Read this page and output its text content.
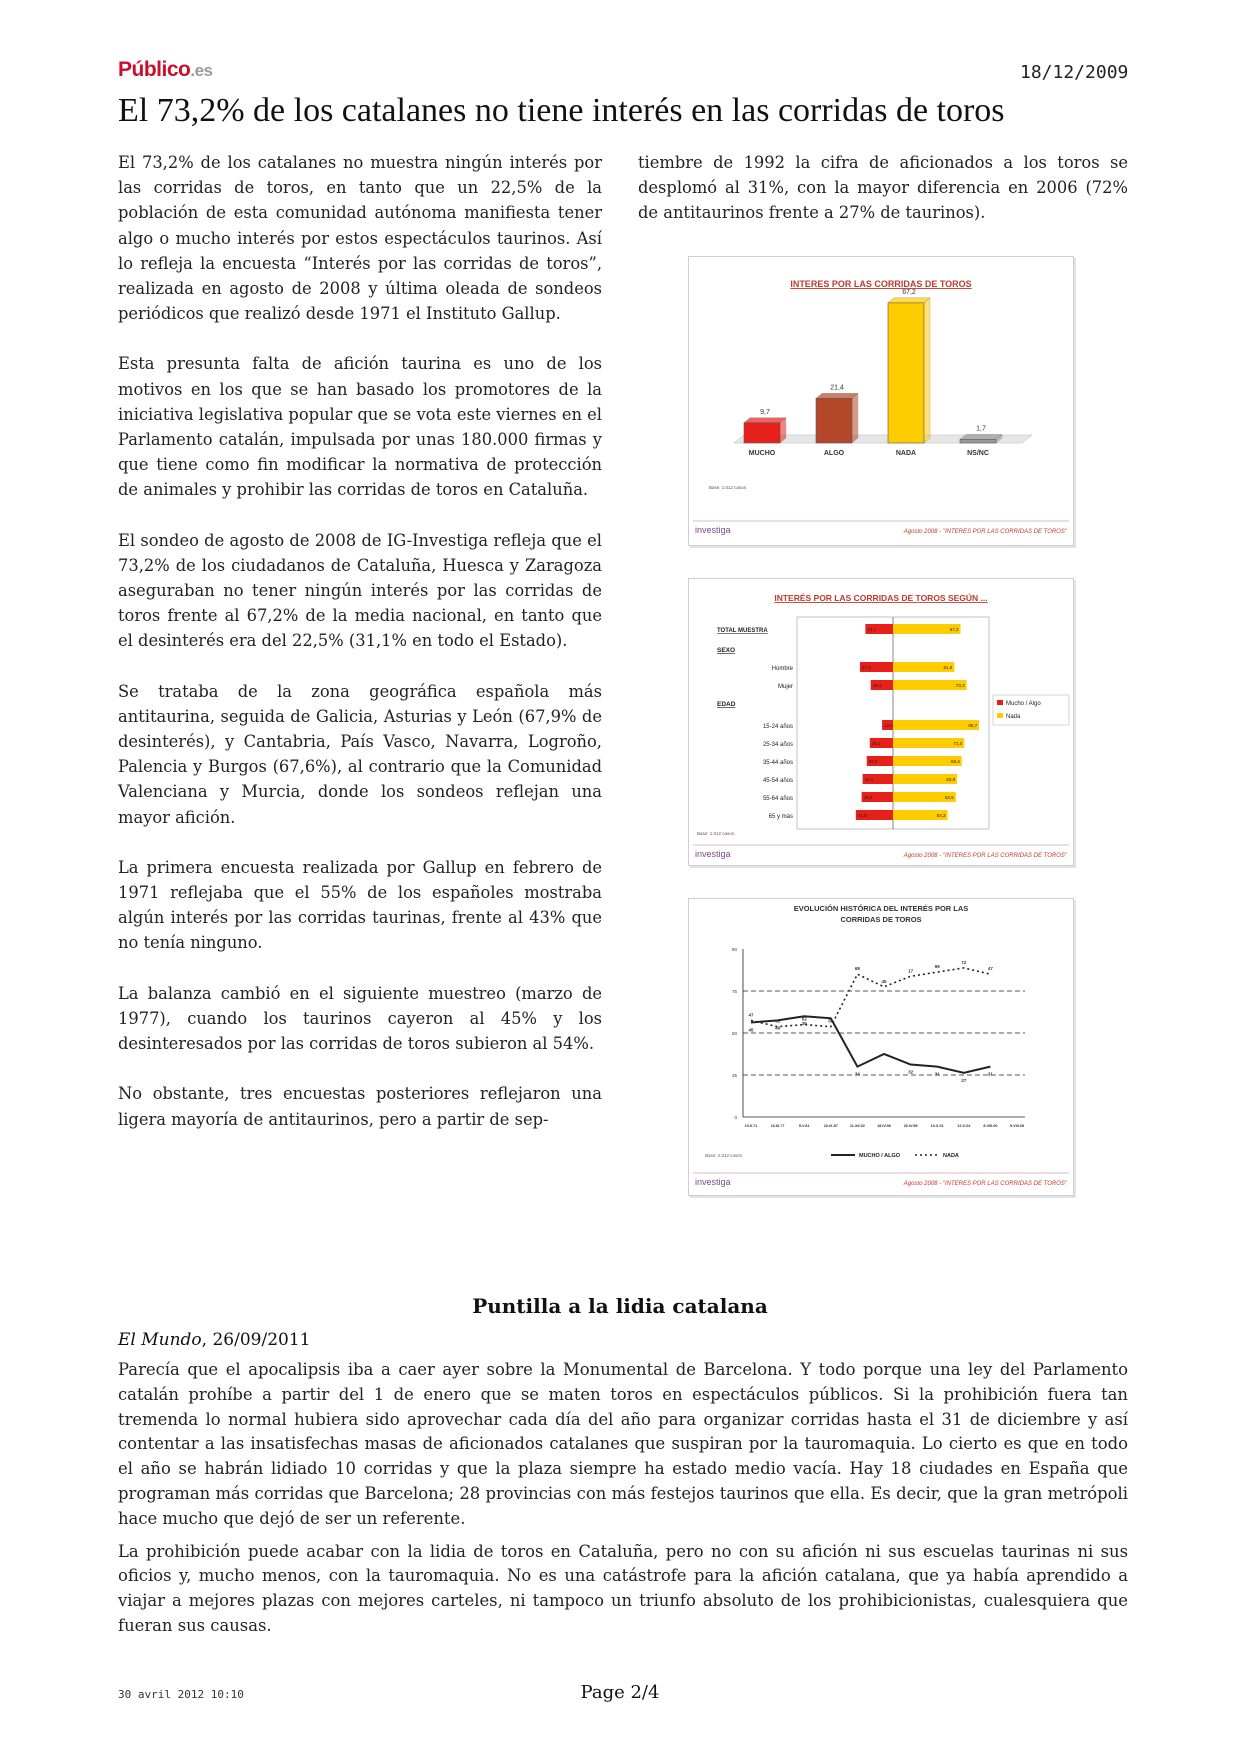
Público.es	18/12/2009
El 73,2% de los catalanes no tiene interés en las corridas de toros

El 73,2% de los catalanes no muestra ningún interés por las corridas de toros, en tanto que un 22,5% de la población de esta comunidad autónoma manifiesta tener algo o mucho interés por estos espectáculos taurinos. Así lo refleja la encuesta “Interés por las corridas de toros”, realizada en agosto de 2008 y última oleada de sondeos periódicos que realizó desde 1971 el Instituto Gallup.

Esta presunta falta de afición taurina es uno de los motivos en los que se han basado los promotores de la iniciativa legislativa popular que se vota este viernes en el Parlamento catalán, impulsada por unas 180.000 firmas y que tiene como fin modificar la normativa de protección de animales y prohibir las corridas de toros en Cataluña.

El sondeo de agosto de 2008 de IG-Investiga refleja que el 73,2% de los ciudadanos de Cataluña, Huesca y Zaragoza aseguraban no tener ningún interés por las corridas de toros frente al 67,2% de la media nacional, en tanto que el desinterés era del 22,5% (31,1% en todo el Estado).

Se trataba de la zona geográfica española más antitaurina, seguida de Galicia, Asturias y León (67,9% de desinterés), y Cantabria, País Vasco, Navarra, Logroño, Palencia y Burgos (67,6%), al contrario que la Comunidad Valenciana y Murcia, donde los sondeos reflejan una mayor afición.

La primera encuesta realizada por Gallup en febrero de 1971 reflejaba que el 55% de los españoles mostraba algún interés por las corridas taurinas, frente al 43% que no tenía ninguno.

La balanza cambió en el siguiente muestreo (marzo de 1977), cuando los taurinos cayeron al 45% y los desinteresados por las corridas de toros subieron al 54%.

No obstante, tres encuestas posteriores reflejaron una ligera mayoría de antitaurinos, pero a partir de sep-

tiembre de 1992 la cifra de aficionados a los toros se desplomó al 31%, con la mayor diferencia en 2006 (72% de antitaurinos frente a 27% de taurinos).

INTERES POR LAS CORRIDAS DE TOROS
9,7
MUCHO
21,4
ALGO
67,2
NADA
1,7
NS/NC
Base: 1.012 casos
investiga	Agosto 2008 - "INTERES POR LAS CORRIDAS DE TOROS"
INTERÉS POR LAS CORRIDAS DE TOROS SEGÚN ...
TOTAL MUESTRA	31,1	67,2
SEXO
Hombre	37,2	61,0
Mujer	25,1	73,3
EDAD
15-24 años	12,3	85,7
25-34 años	26,1	71,0
35-44 años	29,5	68,4
45-54 años	34,2	63,8
55-64 años	35,3	62,5
65 y más	41,8	54,3
Mucho / Algo
Nada
Base: 1.012 casos
investiga	Agosto 2008 - "INTERES POR LAS CORRIDAS DE TOROS"
EVOLUCIÓN HISTÓRICA DEL INTERÉS POR LAS
CORRIDAS DE TOROS
0
25
50
75
80
19.II.71	16.III.77	5.V.81	20.IX.87	11.XII.92	18.IV.96	20.IV.98	10.X.01	12.X.04	8.VIII.06	5.VIII.08
47
53	52	56
68
45
17
69
72
47
45	46
39
34	32	31
27
31
MUCHO / ALGO	NADA
Base: 2.012 casos
investiga	Agosto 2008 - "INTERES POR LAS CORRIDAS DE TOROS"
Puntilla a la lidia catalana
El Mundo, 26/09/2011

Parecía que el apocalipsis iba a caer ayer sobre la Monumental de Barcelona. Y todo porque una ley del Parlamento catalán prohíbe a partir del 1 de enero que se maten toros en espectáculos públicos. Si la prohibición fuera tan tremenda lo normal hubiera sido aprovechar cada día del año para organizar corridas hasta el 31 de diciembre y así contentar a las insatisfechas masas de aficionados catalanes que suspiran por la tauromaquia. Lo cierto es que en todo el año se habrán lidiado 10 corridas y que la plaza siempre ha estado medio vacía. Hay 18 ciudades en España que programan más corridas que Barcelona; 28 provincias con más festejos taurinos que ella. Es decir, que la gran metrópoli hace mucho que dejó de ser un referente.

La prohibición puede acabar con la lidia de toros en Cataluña, pero no con su afición ni sus escuelas taurinas ni sus oficios y, mucho menos, con la tauromaquia. No es una catástrofe para la afición catalana, que ya había aprendido a viajar a mejores plazas con mejores carteles, ni tampoco un triunfo absoluto de los prohibicionistas, cualesquiera que fueran sus causas.

30 avril 2012 10:10	Page 2/4
